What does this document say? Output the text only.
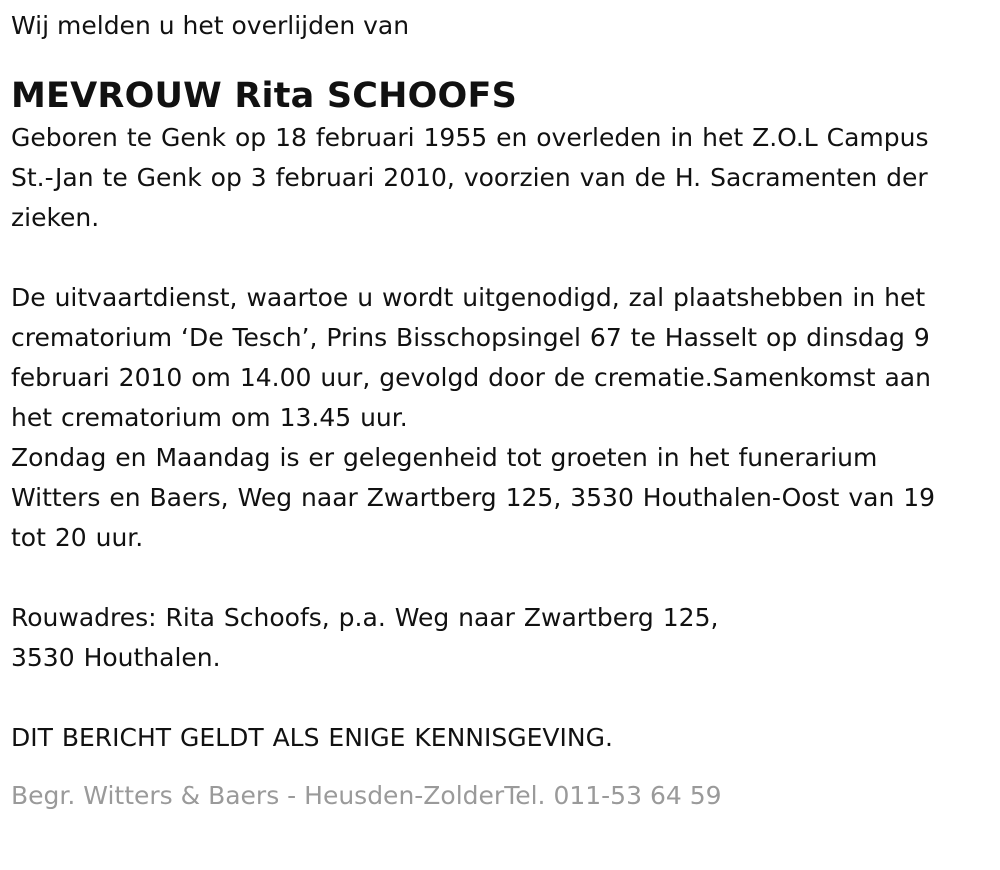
Wij melden u het overlijden van
MEVROUW Rita SCHOOFS
Geboren te Genk op 18 februari 1955 en overleden in het Z.O.L Campus
St.-Jan te Genk op 3 februari 2010, voorzien van de H. Sacramenten der
zieken.
De uitvaartdienst, waartoe u wordt uitgenodigd, zal plaatshebben in het
crematorium ‘De Tesch’, Prins Bisschopsingel 67 te Hasselt op dinsdag 9
februari 2010 om 14.00 uur, gevolgd door de crematie.Samenkomst aan
het crematorium om 13.45 uur.
Zondag en Maandag is er gelegenheid tot groeten in het funerarium
Witters en Baers, Weg naar Zwartberg 125, 3530 Houthalen-Oost van 19
tot 20 uur.
Rouwadres: Rita Schoofs, p.a. Weg naar Zwartberg 125,
3530 Houthalen.
DIT BERICHT GELDT ALS ENIGE KENNISGEVING.
Begr. Witters & Baers - Heusden-ZolderTel. 011-53 64 59
